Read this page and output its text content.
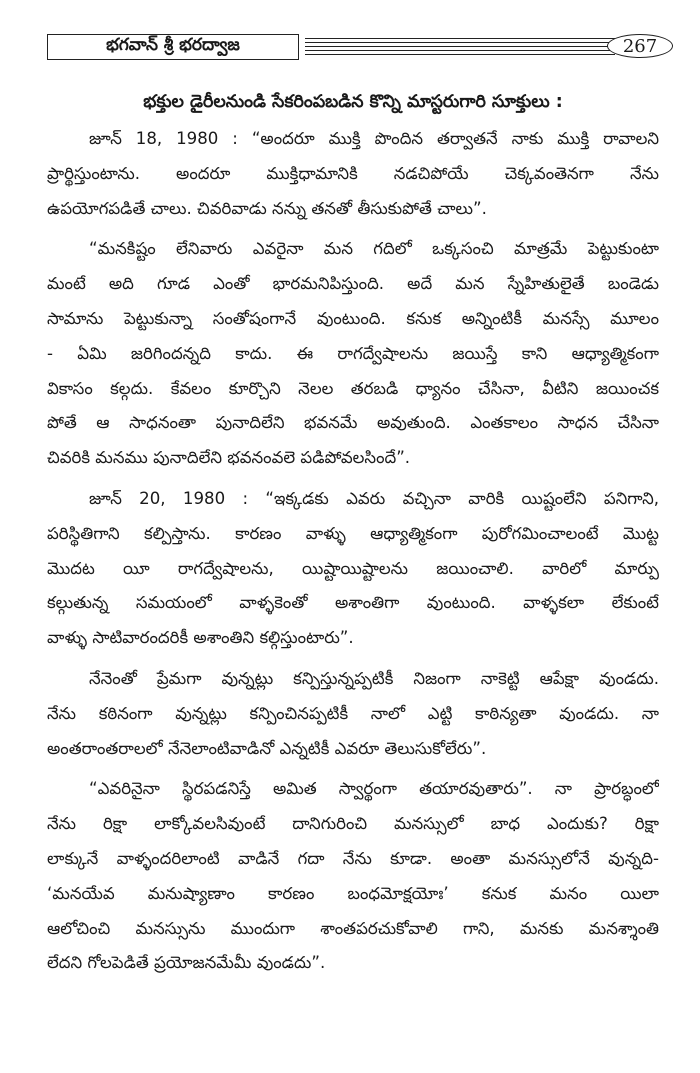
భగవాన్ శ్రీ భరద్వాజ	267

భక్తుల డైరీలనుండి సేకరింపబడిన కొన్ని మాస్టరుగారి సూక్తులు :

జూన్ 18, 1980 : “అందరూ ముక్తి పొందిన తర్వాతనే నాకు ముక్తి రావాలని
ప్రార్థిస్తుంటాను. అందరూ ముక్తిధామానికి నడచిపోయే చెక్కవంతెనగా నేను
ఉపయోగపడితే చాలు. చివరివాడు నన్ను తనతో తీసుకుపోతే చాలు”.
“మనకిష్టం లేనివారు ఎవరైనా మన గదిలో ఒక్కసంచి మాత్రమే పెట్టుకుంటా
మంటే అది గూడ ఎంతో భారమనిపిస్తుంది. అదే మన స్నేహితులైతే బండెడు
సామాను పెట్టుకున్నా సంతోషంగానే వుంటుంది. కనుక అన్నింటికీ మనస్సే మూలం
- ఏమి జరిగిందన్నది కాదు. ఈ రాగద్వేషాలను జయిస్తే కాని ఆధ్యాత్మికంగా
వికాసం కల్గదు. కేవలం కూర్చొని నెలల తరబడి ధ్యానం చేసినా, వీటిని జయించక
పోతే ఆ సాధనంతా పునాదిలేని భవనమే అవుతుంది. ఎంతకాలం సాధన చేసినా
చివరికి మనము పునాదిలేని భవనంవలె పడిపోవలసిందే”.
జూన్ 20, 1980 : “ఇక్కడకు ఎవరు వచ్చినా వారికి యిష్టంలేని పనిగాని,
పరిస్థితిగాని కల్పిస్తాను. కారణం వాళ్ళు ఆధ్యాత్మికంగా పురోగమించాలంటే మొట్ట
మొదట యీ రాగద్వేషాలను, యిష్టాయిష్టాలను జయించాలి. వారిలో మార్పు
కల్గుతున్న సమయంలో వాళ్ళకెంతో అశాంతిగా వుంటుంది. వాళ్ళకలా లేకుంటే
వాళ్ళు సాటివారందరికీ అశాంతిని కల్గిస్తుంటారు”.
నేనెంతో ప్రేమగా వున్నట్లు కన్పిస్తున్నప్పటికీ నిజంగా నాకెట్టి ఆపేక్షా వుండదు.
నేను కఠినంగా వున్నట్లు కన్పించినప్పటికీ నాలో ఎట్టి కాఠిన్యతా వుండదు. నా
అంతరాంతరాలలో నేనెలాంటివాడినో ఎన్నటికీ ఎవరూ తెలుసుకోలేరు”.
“ఎవరినైనా స్థిరపడనిస్తే అమిత స్వార్థంగా తయారవుతారు”. నా ప్రారబ్ధంలో
నేను రిక్షా లాక్కోవలసివుంటే దానిగురించి మనస్సులో బాధ ఎందుకు? రిక్షా
లాక్కునే వాళ్ళందరిలాంటి వాడినే గదా నేను కూడా. అంతా మనస్సులోనే వున్నది-
‘మనయేవ మనుష్యాణాం కారణం బంధమోక్షయోః’ కనుక మనం యిలా
ఆలోచించి మనస్సును ముందుగా శాంతపరచుకోవాలి గాని, మనకు మనశ్శాంతి
లేదని గోలపెడితే ప్రయోజనమేమీ వుండదు”.
